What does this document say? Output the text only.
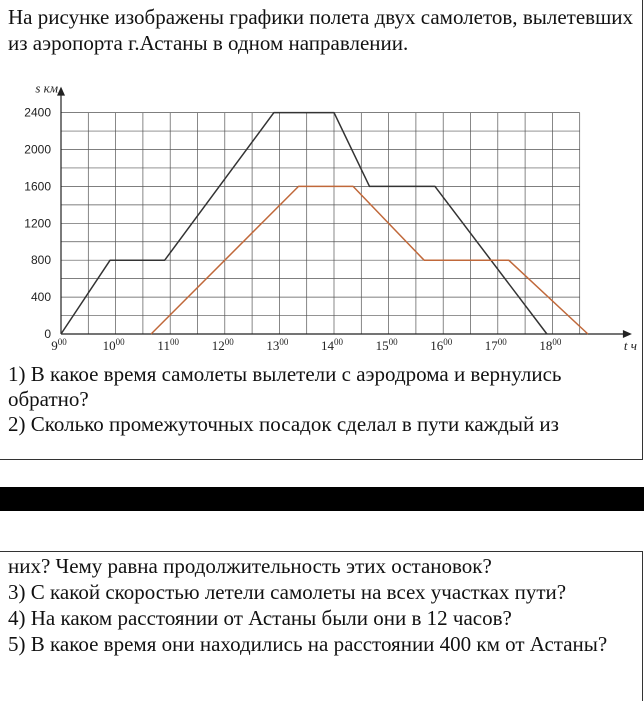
На рисунке изображены графики полета двух самолетов, вылетевших из аэропорта г.Астаны в одном направлении.

0
400
800
1200
1600
2000
2400
$9^{00}$	$10^{00}$	$11^{00}$	$12^{00}$	$13^{00}$	$14^{00}$	$15^{00}$	$16^{00}$	$17^{00}$	$18^{00}$	t ч
s км

1) В какое время самолеты вылетели с аэродрома и вернулись обратно?

2) Сколько промежуточных посадок сделал в пути каждый из

них? Чему равна продолжительность этих остановок?

3) С какой скоростью летели самолеты на всех участках пути?

4) На каком расстоянии от Астаны были они в 12 часов?

5) В какое время они находились на расстоянии 400 км от Астаны?
